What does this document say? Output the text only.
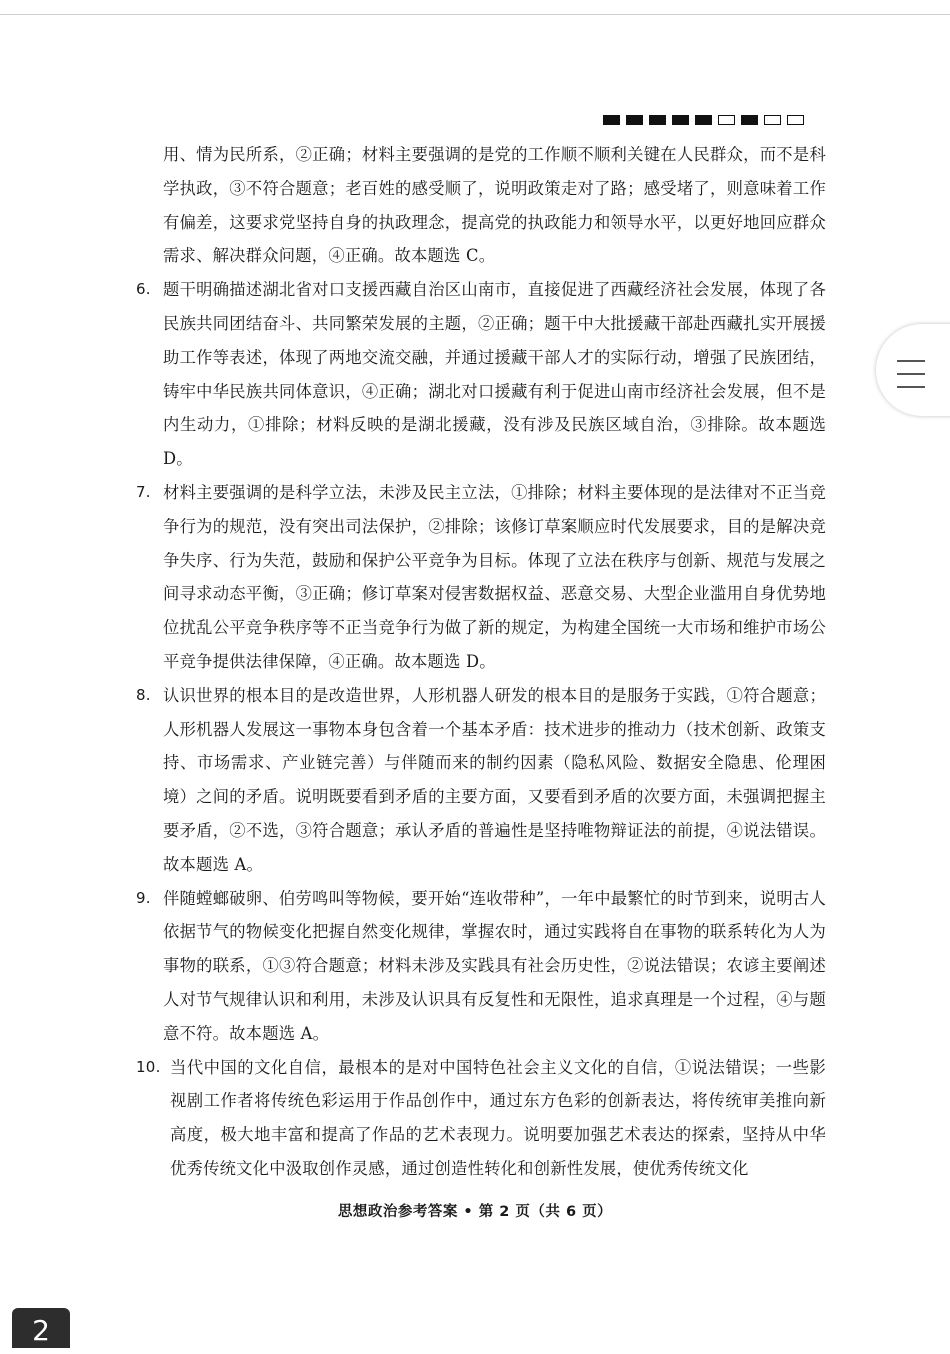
用、情为民所系，②正确；材料主要强调的是党的工作顺不顺利关键在人民群众，而不是科学执政，③不符合题意；老百姓的感受顺了，说明政策走对了路；感受堵了，则意味着工作有偏差，这要求党坚持自身的执政理念，提高党的执政能力和领导水平，以更好地回应群众需求、解决群众问题，④正确。故本题选 C。
6. 题干明确描述湖北省对口支援西藏自治区山南市，直接促进了西藏经济社会发展，体现了各民族共同团结奋斗、共同繁荣发展的主题，②正确；题干中大批援藏干部赴西藏扎实开展援助工作等表述，体现了两地交流交融，并通过援藏干部人才的实际行动，增强了民族团结，铸牢中华民族共同体意识，④正确；湖北对口援藏有利于促进山南市经济社会发展，但不是内生动力，①排除；材料反映的是湖北援藏，没有涉及民族区域自治，③排除。故本题选 D。
7. 材料主要强调的是科学立法，未涉及民主立法，①排除；材料主要体现的是法律对不正当竞争行为的规范，没有突出司法保护，②排除；该修订草案顺应时代发展要求，目的是解决竞争失序、行为失范，鼓励和保护公平竞争为目标。体现了立法在秩序与创新、规范与发展之间寻求动态平衡，③正确；修订草案对侵害数据权益、恶意交易、大型企业滥用自身优势地位扰乱公平竞争秩序等不正当竞争行为做了新的规定，为构建全国统一大市场和维护市场公平竞争提供法律保障，④正确。故本题选 D。
8. 认识世界的根本目的是改造世界，人形机器人研发的根本目的是服务于实践，①符合题意；人形机器人发展这一事物本身包含着一个基本矛盾：技术进步的推动力（技术创新、政策支持、市场需求、产业链完善）与伴随而来的制约因素（隐私风险、数据安全隐患、伦理困境）之间的矛盾。说明既要看到矛盾的主要方面，又要看到矛盾的次要方面，未强调把握主要矛盾，②不选，③符合题意；承认矛盾的普遍性是坚持唯物辩证法的前提，④说法错误。故本题选 A。
9. 伴随螳螂破卵、伯劳鸣叫等物候，要开始“连收带种”，一年中最繁忙的时节到来，说明古人依据节气的物候变化把握自然变化规律，掌握农时，通过实践将自在事物的联系转化为人为事物的联系，①③符合题意；材料未涉及实践具有社会历史性，②说法错误；农谚主要阐述人对节气规律认识和利用，未涉及认识具有反复性和无限性，追求真理是一个过程，④与题意不符。故本题选 A。
10. 当代中国的文化自信，最根本的是对中国特色社会主义文化的自信，①说法错误；一些影视剧工作者将传统色彩运用于作品创作中，通过东方色彩的创新表达，将传统审美推向新高度，极大地丰富和提高了作品的艺术表现力。说明要加强艺术表达的探索，坚持从中华优秀传统文化中汲取创作灵感，通过创造性转化和创新性发展，使优秀传统文化
思想政治参考答案 • 第 2 页（共 6 页）
2
